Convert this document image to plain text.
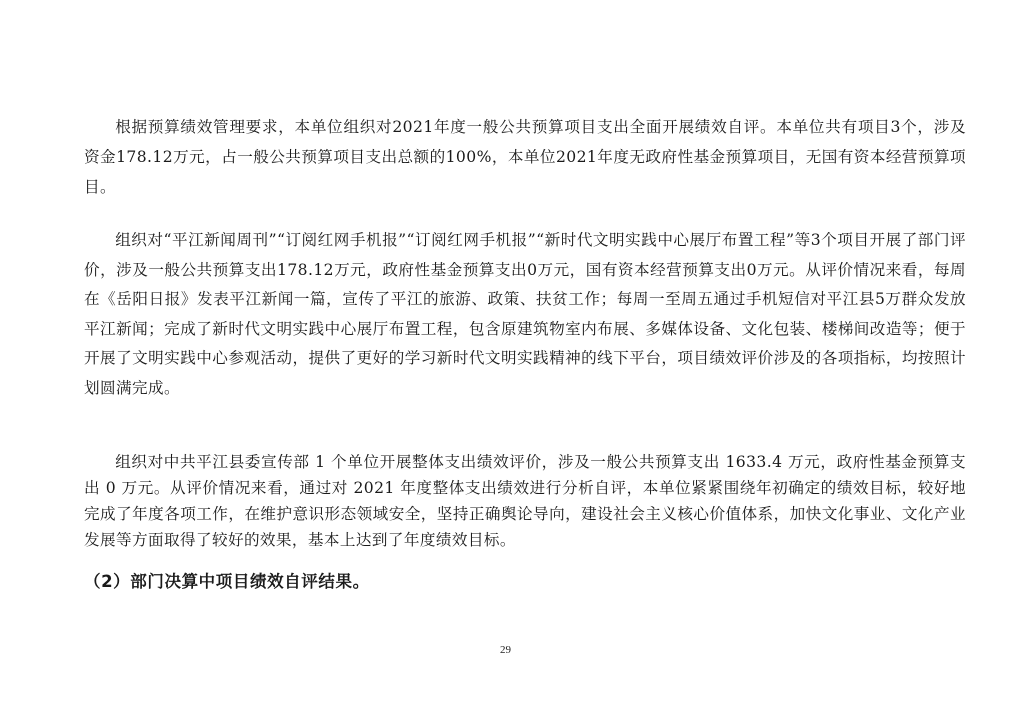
根据预算绩效管理要求，本单位组织对2021年度一般公共预算项目支出全面开展绩效自评。本单位共有项目3个，涉及资金178.12万元，占一般公共预算项目支出总额的100%，本单位2021年度无政府性基金预算项目，无国有资本经营预算项目。

组织对“平江新闻周刊”“订阅红网手机报”“订阅红网手机报”“新时代文明实践中心展厅布置工程”等3个项目开展了部门评价，涉及一般公共预算支出178.12万元，政府性基金预算支出0万元，国有资本经营预算支出0万元。从评价情况来看，每周在《岳阳日报》发表平江新闻一篇，宣传了平江的旅游、政策、扶贫工作；每周一至周五通过手机短信对平江县5万群众发放平江新闻；完成了新时代文明实践中心展厅布置工程，包含原建筑物室内布展、多媒体设备、文化包装、楼梯间改造等；便于开展了文明实践中心参观活动，提供了更好的学习新时代文明实践精神的线下平台，项目绩效评价涉及的各项指标，均按照计划圆满完成。

组织对中共平江县委宣传部 1 个单位开展整体支出绩效评价，涉及一般公共预算支出 1633.4 万元，政府性基金预算支出 0 万元。从评价情况来看，通过对 2021 年度整体支出绩效进行分析自评，本单位紧紧围绕年初确定的绩效目标，较好地完成了年度各项工作，在维护意识形态领域安全，坚持正确舆论导向，建设社会主义核心价值体系，加快文化事业、文化产业发展等方面取得了较好的效果，基本上达到了年度绩效目标。

（2）部门决算中项目绩效自评结果。
29
